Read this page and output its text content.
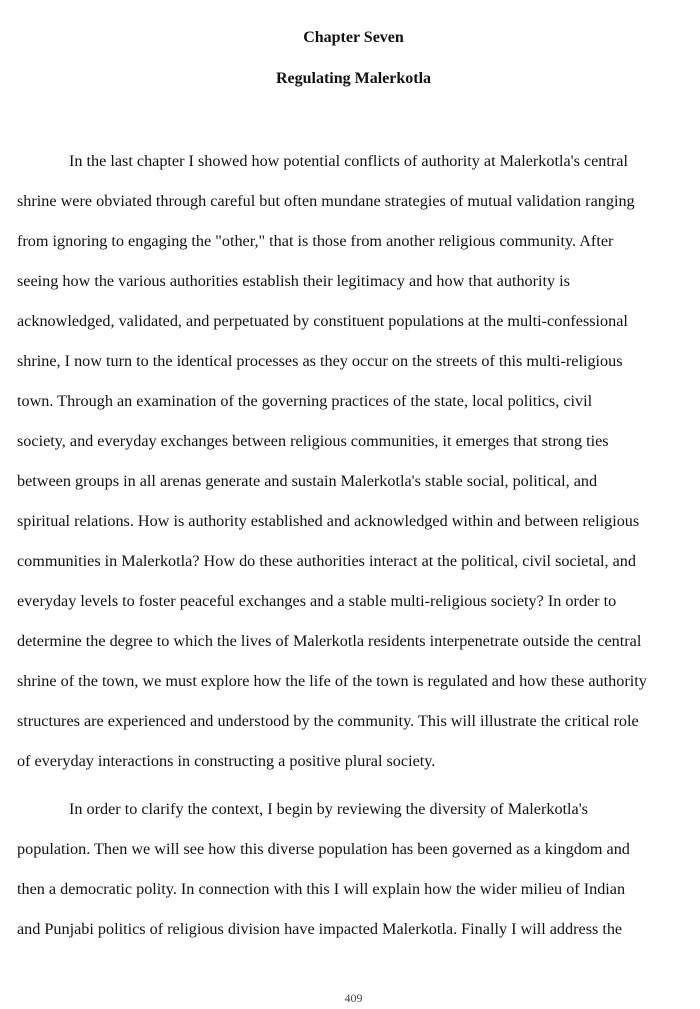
Chapter Seven
Regulating Malerkotla
In the last chapter I showed how potential conflicts of authority at Malerkotla's central
shrine were obviated through careful but often mundane strategies of mutual validation ranging
from ignoring to engaging the "other," that is those from another religious community. After
seeing how the various authorities establish their legitimacy and how that authority is
acknowledged, validated, and perpetuated by constituent populations at the multi-confessional
shrine, I now turn to the identical processes as they occur on the streets of this multi-religious
town. Through an examination of the governing practices of the state, local politics, civil
society, and everyday exchanges between religious communities, it emerges that strong ties
between groups in all arenas generate and sustain Malerkotla's stable social, political, and
spiritual relations. How is authority established and acknowledged within and between religious
communities in Malerkotla? How do these authorities interact at the political, civil societal, and
everyday levels to foster peaceful exchanges and a stable multi-religious society? In order to
determine the degree to which the lives of Malerkotla residents interpenetrate outside the central
shrine of the town, we must explore how the life of the town is regulated and how these authority
structures are experienced and understood by the community. This will illustrate the critical role
of everyday interactions in constructing a positive plural society.
In order to clarify the context, I begin by reviewing the diversity of Malerkotla's
population. Then we will see how this diverse population has been governed as a kingdom and
then a democratic polity. In connection with this I will explain how the wider milieu of Indian
and Punjabi politics of religious division have impacted Malerkotla. Finally I will address the
409
